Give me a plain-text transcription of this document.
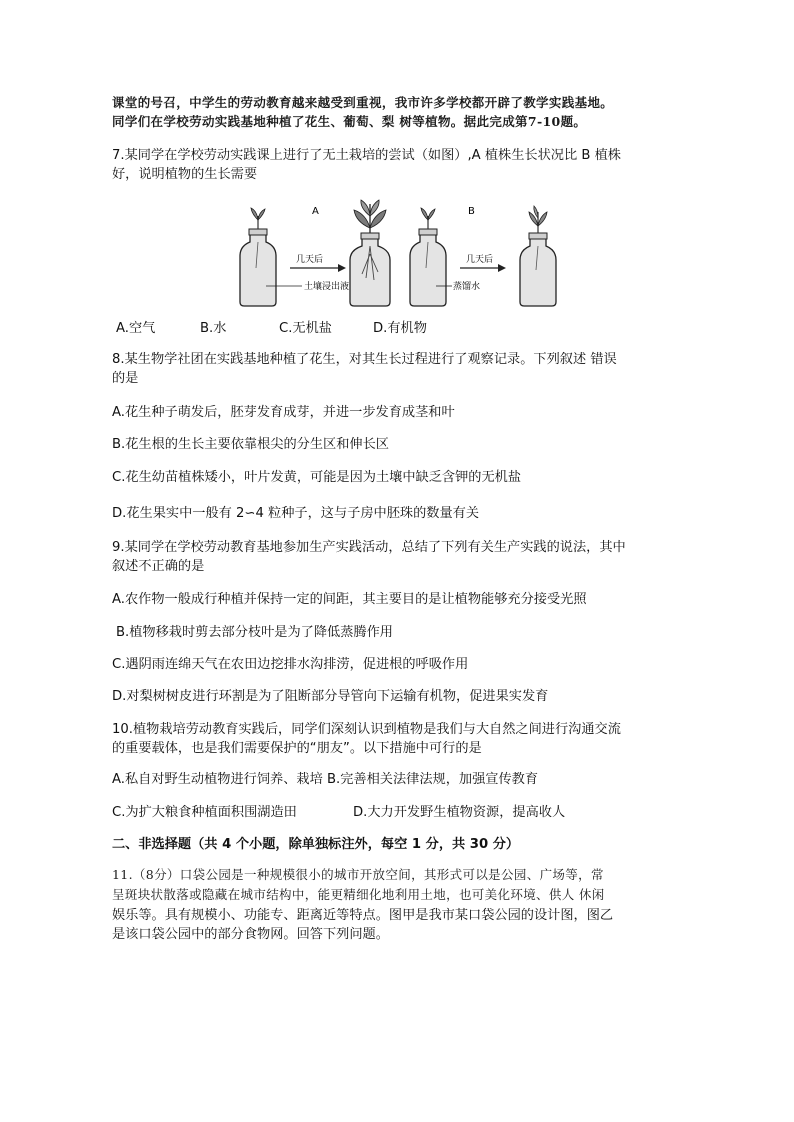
课堂的号召，中学生的劳动教育越来越受到重视，我市许多学校都开辟了教学实践基地。
同学们在学校劳动实践基地种植了花生、葡萄、梨 树等植物。据此完成第7-10题。
7.某同学在学校劳动实践课上进行了无土栽培的尝试（如图）,A 植株生长状况比 B 植株
好，说明植物的生长需要
A	B
几天后
土壤浸出液	蒸馏水
几天后
A.空气	B.水	C.无机盐	D.有机物
8.某生物学社团在实践基地种植了花生，对其生长过程进行了观察记录。下列叙述 错误
的是
A.花生种子萌发后，胚芽发育成芽，并进一步发育成茎和叶
B.花生根的生长主要依靠根尖的分生区和伸长区
C.花生幼苗植株矮小，叶片发黄，可能是因为土壤中缺乏含钾的无机盐
D.花生果实中一般有 2∽4 粒种子，这与子房中胚珠的数量有关
9.某同学在学校劳动教育基地参加生产实践活动，总结了下列有关生产实践的说法，其中
叙述不正确的是
A.农作物一般成行种植并保持一定的间距，其主要目的是让植物能够充分接受光照
B.植物移栽时剪去部分枝叶是为了降低蒸腾作用
C.遇阴雨连绵天气在农田边挖排水沟排涝，促进根的呼吸作用
D.对梨树树皮进行环割是为了阻断部分导管向下运输有机物，促进果实发育
10.植物栽培劳动教育实践后，同学们深刻认识到植物是我们与大自然之间进行沟通交流
的重要载体，也是我们需要保护的“朋友”。以下措施中可行的是
A.私自对野生动植物进行饲养、栽培 B.完善相关法律法规，加强宣传教育
C.为扩大粮食种植面积围湖造田	D.大力开发野生植物资源，提高收人
二、非选择题（共 4 个小题，除单独标注外，每空 1 分，共 30 分）
11.（8分）口袋公园是一种规模很小的城市开放空间，其形式可以是公园、广场等，常
呈斑块状散落或隐藏在城市结构中，能更精细化地利用土地，也可美化环境、供人 休闲
娱乐等。具有规模小、功能专、距离近等特点。图甲是我市某口袋公园的设计图，图乙
是该口袋公园中的部分食物网。回答下列问题。
